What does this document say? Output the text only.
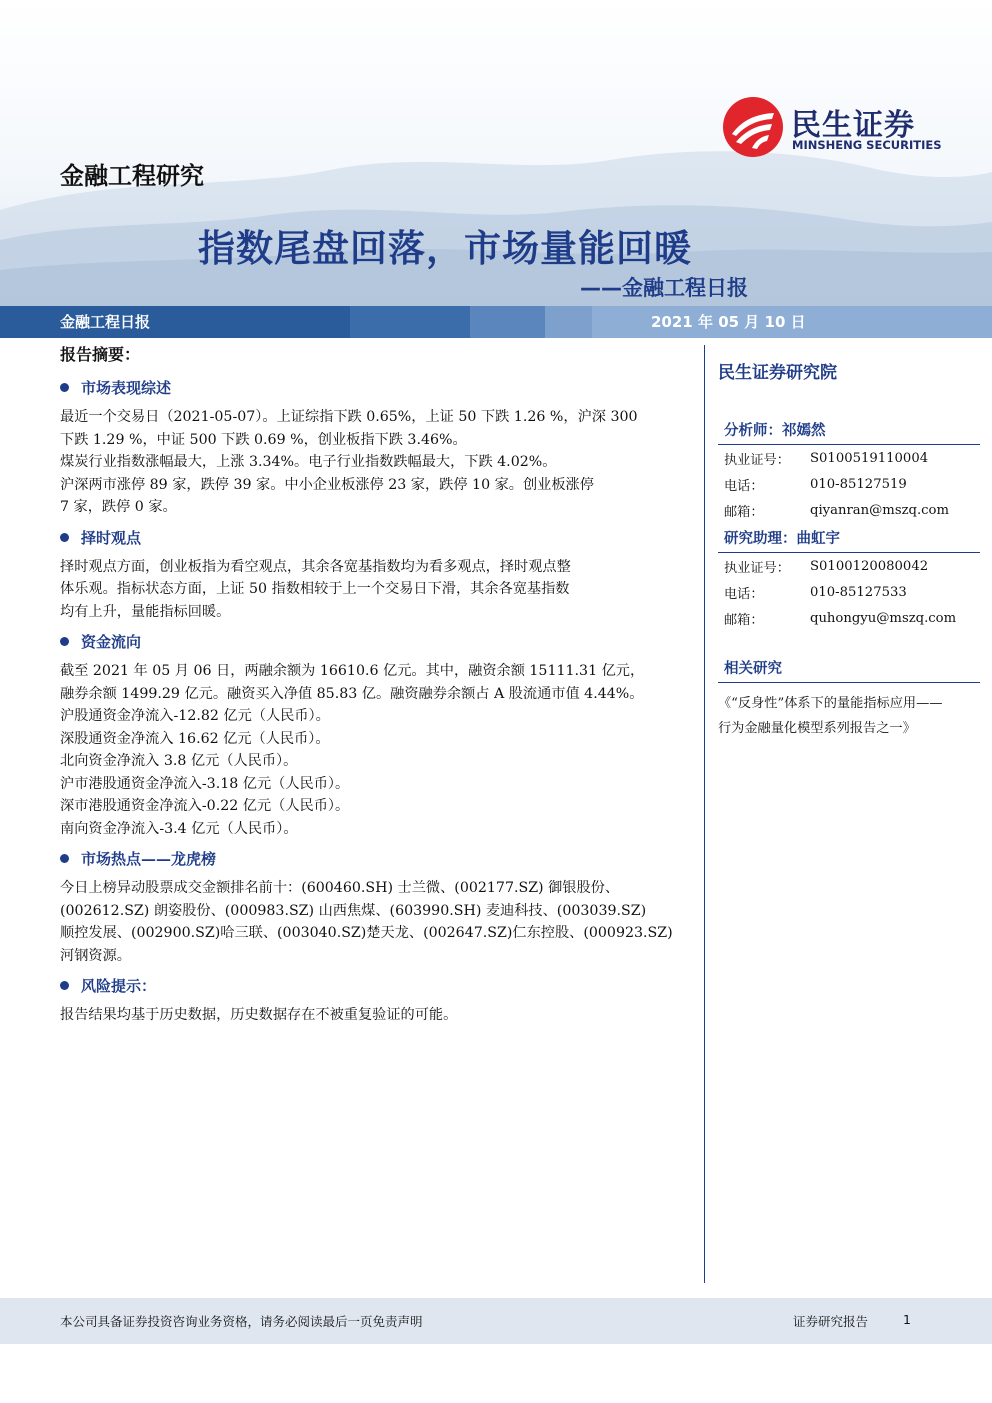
民生证券
MINSHENG SECURITIES
金融工程研究
指数尾盘回落，市场量能回暖
——金融工程日报
金融工程日报	2021 年 05 月 10 日
报告摘要：
市场表现综述
最近一个交易日（2021-05-07）。上证综指下跌 0.65%，上证 50 下跌 1.26 %，沪深 300
下跌 1.29 %，中证 500 下跌 0.69 %，创业板指下跌 3.46%。
煤炭行业指数涨幅最大，上涨 3.34%。电子行业指数跌幅最大，下跌 4.02%。
沪深两市涨停 89 家，跌停 39 家。中小企业板涨停 23 家，跌停 10 家。创业板涨停
7 家，跌停 0 家。
择时观点
择时观点方面，创业板指为看空观点，其余各宽基指数均为看多观点，择时观点整
体乐观。指标状态方面，上证 50 指数相较于上一个交易日下滑，其余各宽基指数
均有上升，量能指标回暖。
资金流向
截至 2021 年 05 月 06 日，两融余额为 16610.6 亿元。其中，融资余额 15111.31 亿元，
融券余额 1499.29 亿元。融资买入净值 85.83 亿。融资融券余额占 A 股流通市值 4.44%。
沪股通资金净流入-12.82 亿元（人民币）。
深股通资金净流入 16.62 亿元（人民币）。
北向资金净流入 3.8 亿元（人民币）。
沪市港股通资金净流入-3.18 亿元（人民币）。
深市港股通资金净流入-0.22 亿元（人民币）。
南向资金净流入-3.4 亿元（人民币）。
市场热点——龙虎榜
今日上榜异动股票成交金额排名前十：(600460.SH) 士兰微、(002177.SZ) 御银股份、
(002612.SZ) 朗姿股份、(000983.SZ) 山西焦煤、(603990.SH) 麦迪科技、(003039.SZ)
顺控发展、(002900.SZ)哈三联、(003040.SZ)楚天龙、(002647.SZ)仁东控股、(000923.SZ)
河钢资源。
风险提示：
报告结果均基于历史数据，历史数据存在不被重复验证的可能。
民生证券研究院
分析师：祁嫣然
执业证号：	S0100519110004
电话：	010-85127519
邮箱：	qiyanran@mszq.com
研究助理：曲虹宇
执业证号：	S0100120080042
电话：	010-85127533
邮箱：	quhongyu@mszq.com
相关研究
《“反身性”体系下的量能指标应用——
行为金融量化模型系列报告之一》
本公司具备证券投资咨询业务资格，请务必阅读最后一页免责声明	证券研究报告	1
